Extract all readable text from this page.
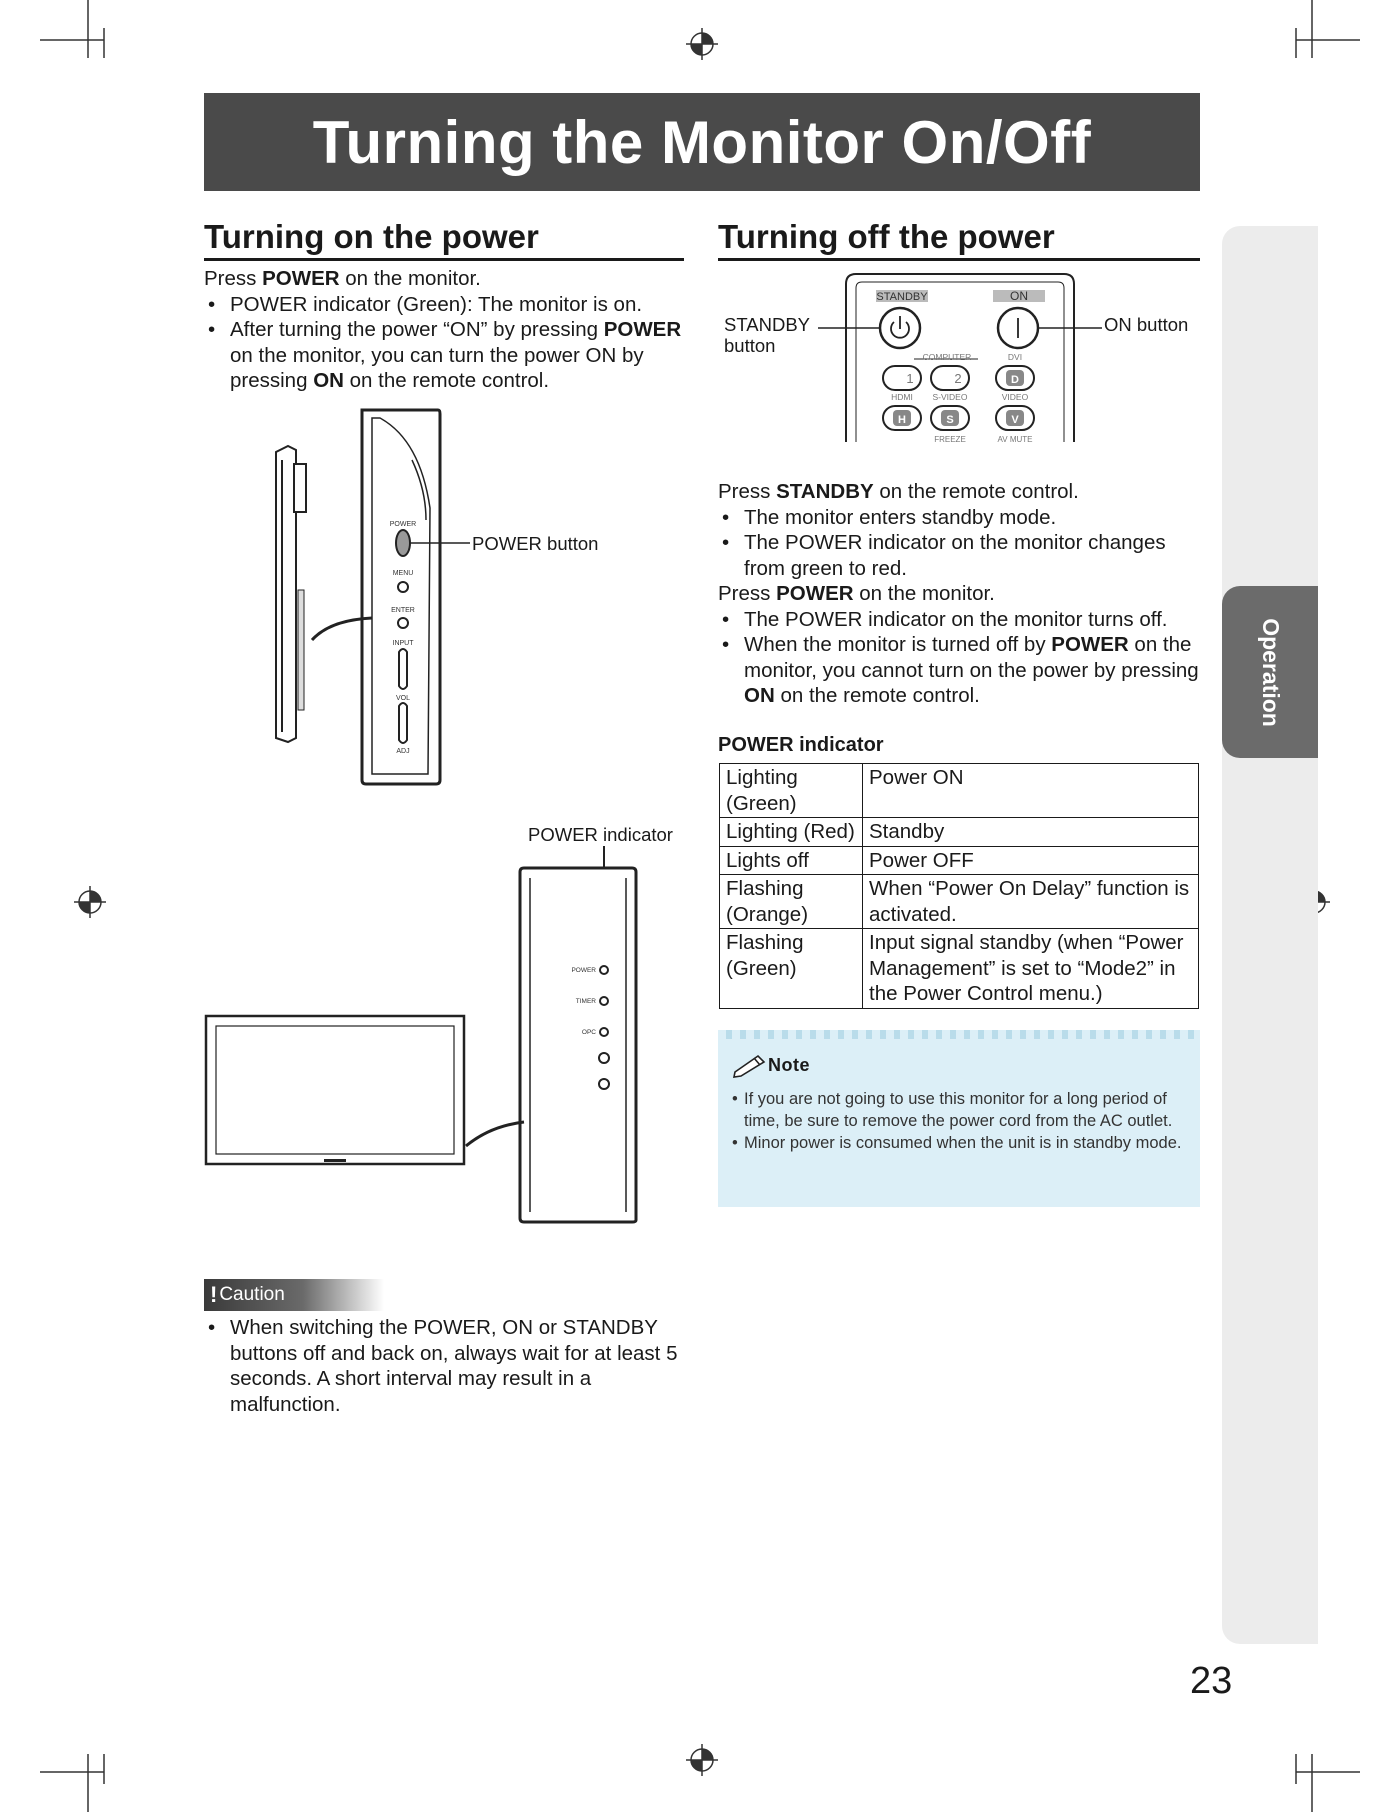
Operation
Turning the Monitor On/Off
Turning on the power

Press POWER on the monitor.

• POWER indicator (Green): The monitor is on.

• After turning the power “ON” by pressing POWER on the monitor, you can turn the power ON by pressing ON on the remote control.

POWER
MENU
ENTER
INPUT
VOL
ADJ
POWER button
POWER indicator
POWER
TIMER
OPC
! Caution

• When switching the POWER, ON or STANDBY buttons off and back on, always wait for at least 5 seconds. A short interval may result in a malfunction.

Turning off the power
STANDBY	ON
COMPUTER	DVI
HDMI S-VIDEO	VIDEO
FREEZE	AV MUTE
1	2	D
H	S	V
STANDBY
button
ON button

Press STANDBY on the remote control.

• The monitor enters standby mode.

• The POWER indicator on the monitor changes from green to red.

Press POWER on the monitor.

• The POWER indicator on the monitor turns off.

• When the monitor is turned off by POWER on the monitor, you cannot turn on the power by pressing ON on the remote control.

POWER indicator
Lighting (Green)	Power ON
Lighting (Red)	Standby
Lights off	Power OFF
Flashing (Orange)	When “Power On Delay” function is activated.
Flashing (Green)	Input signal standby (when “Power Management” is set to “Mode2” in the Power Control menu.)
Note
• If you are not going to use this monitor for a long period of time, be sure to remove the power cord from the AC outlet.
• Minor power is consumed when the unit is in standby mode.
23
